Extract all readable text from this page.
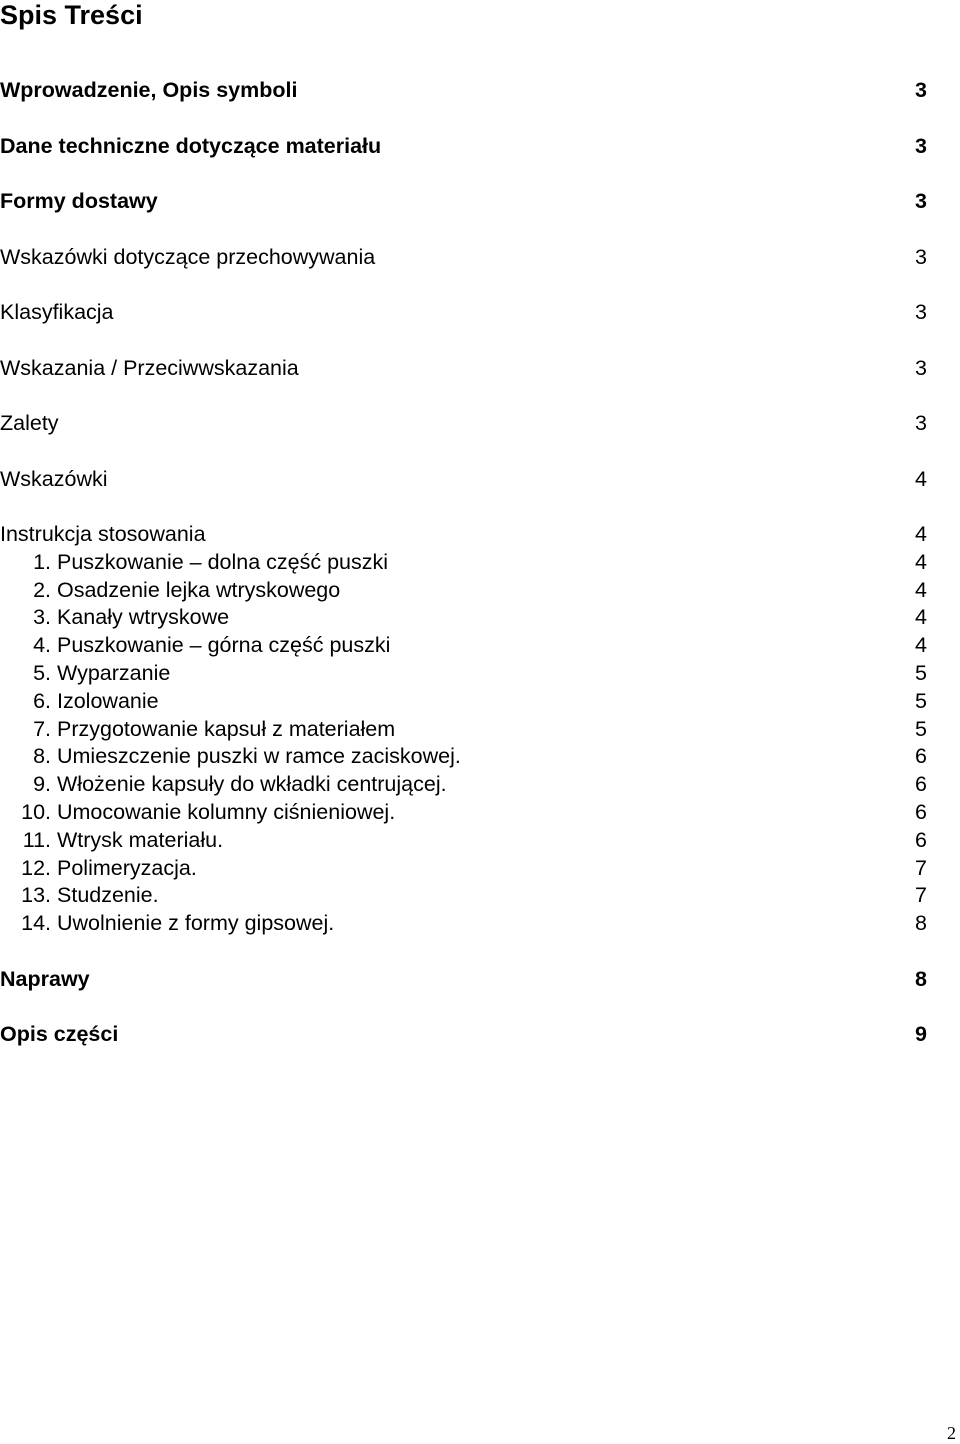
Spis Treści
Wprowadzenie, Opis symboli	3
Dane techniczne dotyczące materiału	3
Formy dostawy	3
Wskazówki dotyczące przechowywania	3
Klasyfikacja	3
Wskazania / Przeciwwskazania	3
Zalety	3
Wskazówki	4
Instrukcja stosowania	4
1. Puszkowanie – dolna część puszki	4
2. Osadzenie lejka wtryskowego	4
3. Kanały wtryskowe	4
4. Puszkowanie – górna część puszki	4
5. Wyparzanie	5
6. Izolowanie	5
7. Przygotowanie kapsuł z materiałem	5
8. Umieszczenie puszki w ramce zaciskowej.	6
9. Włożenie kapsuły do wkładki centrującej.	6
10. Umocowanie kolumny ciśnieniowej.	6
11. Wtrysk materiału.	6
12. Polimeryzacja.	7
13. Studzenie.	7
14. Uwolnienie z formy gipsowej.	8
Naprawy	8
Opis części	9
2
